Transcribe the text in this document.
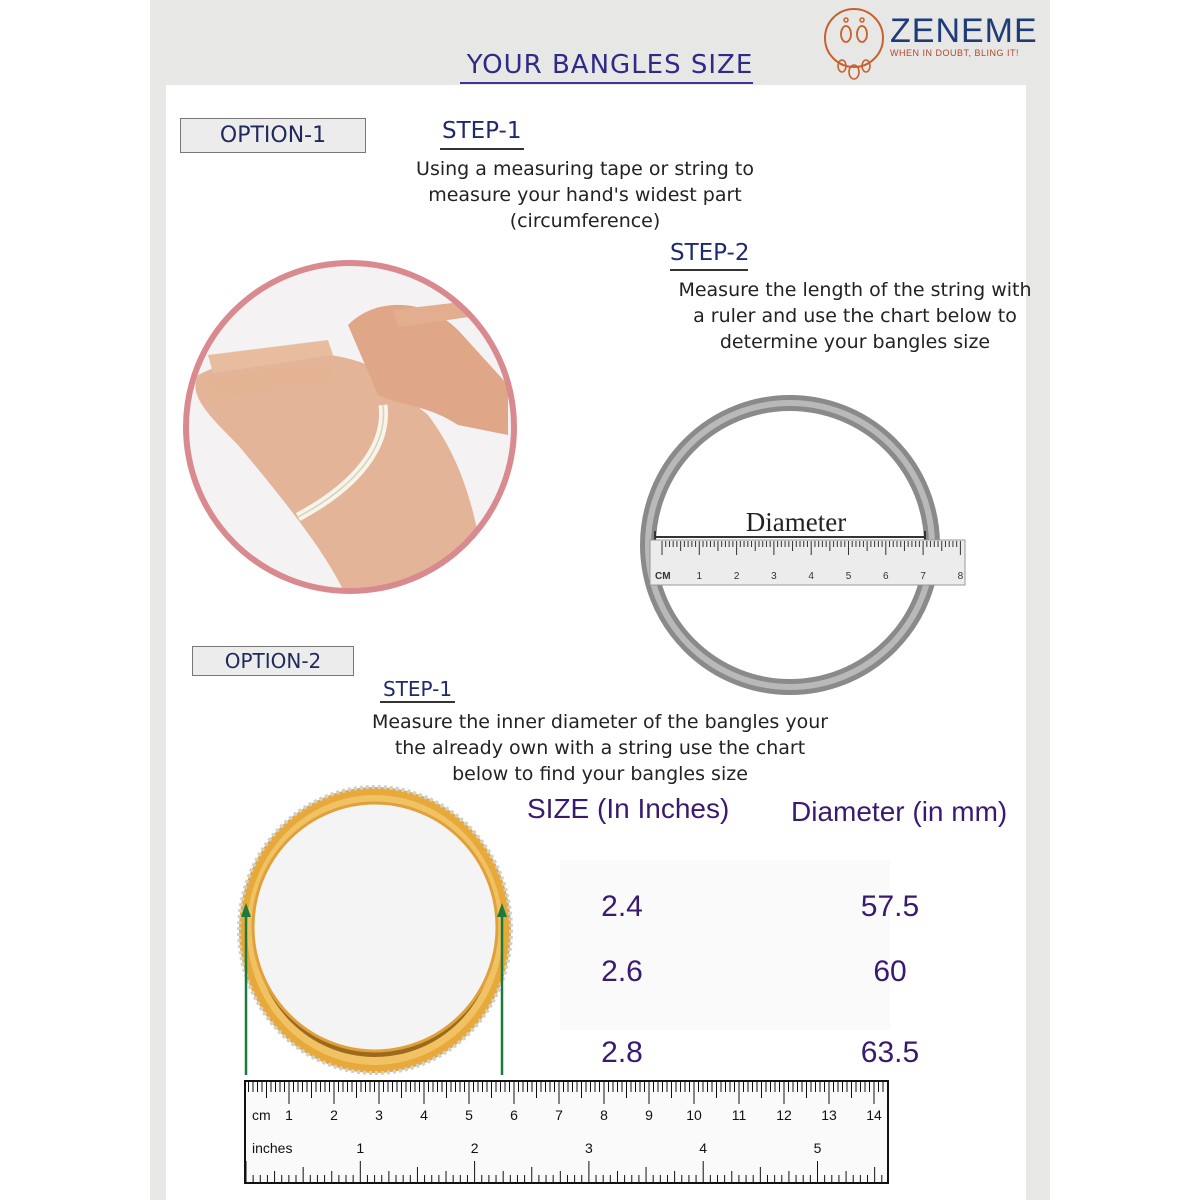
ZENEME
WHEN IN DOUBT, BLING IT!
YOUR BANGLES SIZE
OPTION-1	STEP-1
Using a measuring tape or string to
measure your hand's widest part
(circumference)
STEP-2
Measure the length of the string with
a ruler and use the chart below to
determine your bangles size
Diameter
CM	1	2	3	4	5	6	7	8
OPTION-2
STEP-1
Measure the inner diameter of the bangles your
the already own with a string use the chart
below to find your bangles size
SIZE (In Inches) Diameter (in mm)
2.4	57.5
2.6	60
2.8	63.5
cm
inches
1	2	3	4	5	6	7	8	9 10 11 12 13 14
1	2	3	4	5
